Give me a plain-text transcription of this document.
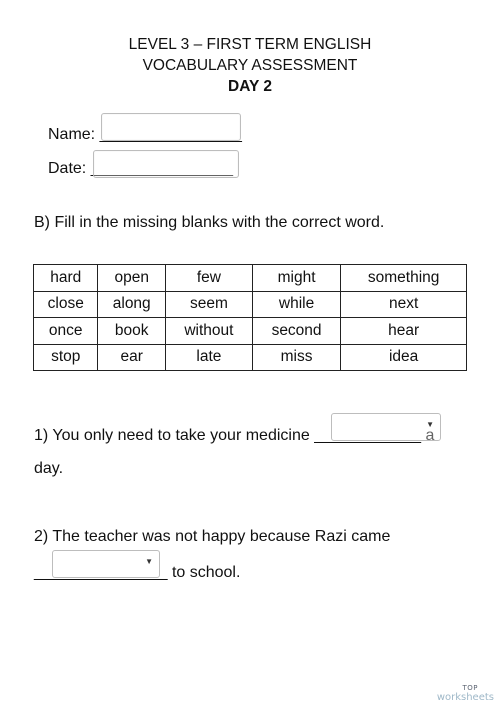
LEVEL 3 – FIRST TERM ENGLISH
VOCABULARY ASSESSMENT
DAY 2
Name: ________________
Date: ________________
B) Fill in the missing blanks with the correct word.
hard	open	few	might	something
close	along	seem	while	next
once	book	without	second	hear
stop	ear	late	miss	idea
1) You only need to take your medicine ____________ a
▼
day.
2) The teacher was not happy because Razi came
_______________ to school.
▼
TOP
worksheets
